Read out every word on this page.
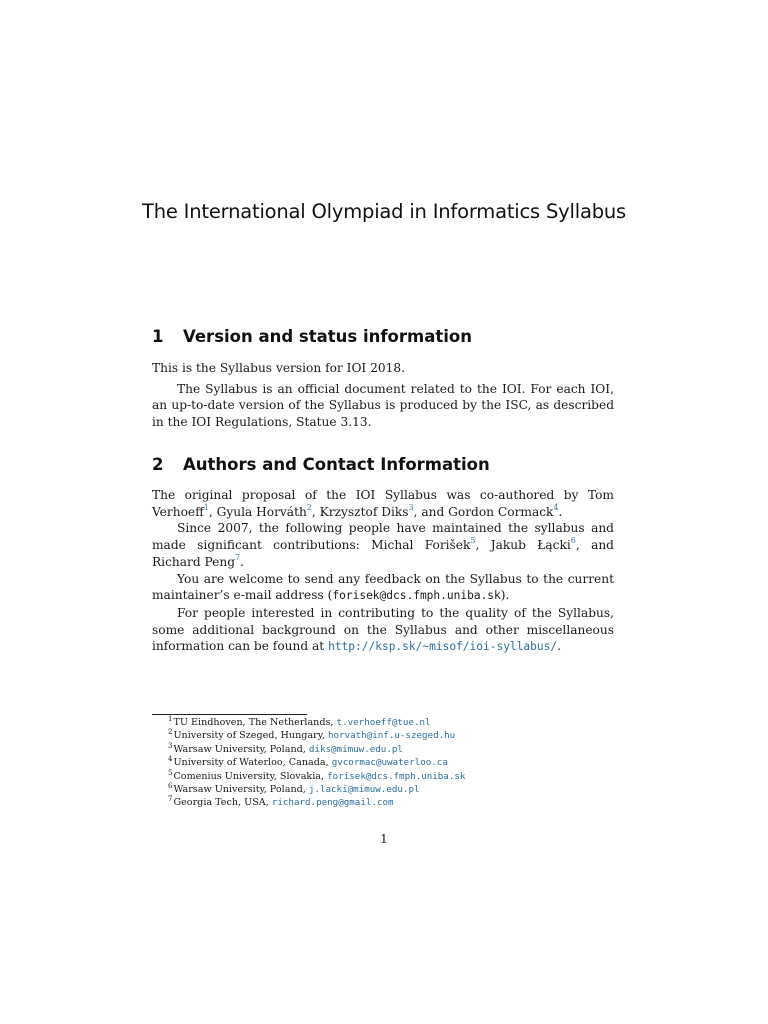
The International Olympiad in Informatics Syllabus
1 Version and status information

This is the Syllabus version for IOI 2018.

The Syllabus is an official document related to the IOI. For each IOI, an up-to-date version of the Syllabus is produced by the ISC, as described in the IOI Regulations, Statue 3.13.

2 Authors and Contact Information

The original proposal of the IOI Syllabus was co-authored by Tom Verhoeff$^1$, Gyula Horváth$^2$, Krzysztof Diks$^3$, and Gordon Cormack$^4$.

Since 2007, the following people have maintained the syllabus and made significant contributions: Michal Forišek$^5$, Jakub Łącki$^6$, and Richard Peng$^7$.

You are welcome to send any feedback on the Syllabus to the current maintainer’s e-mail address (forisek@dcs.fmph.uniba.sk).

For people interested in contributing to the quality of the Syllabus, some additional background on the Syllabus and other miscellaneous information can be found at http://ksp.sk/~misof/ioi-syllabus/.

$^1$TU Eindhoven, The Netherlands, t.verhoeff@tue.nl
$^2$University of Szeged, Hungary, horvath@inf.u-szeged.hu
$^3$Warsaw University, Poland, diks@mimuw.edu.pl
$^4$University of Waterloo, Canada, gvcormac@uwaterloo.ca
$^5$Comenius University, Slovakia, forisek@dcs.fmph.uniba.sk
$^6$Warsaw University, Poland, j.lacki@mimuw.edu.pl
$^7$Georgia Tech, USA, richard.peng@gmail.com
1
